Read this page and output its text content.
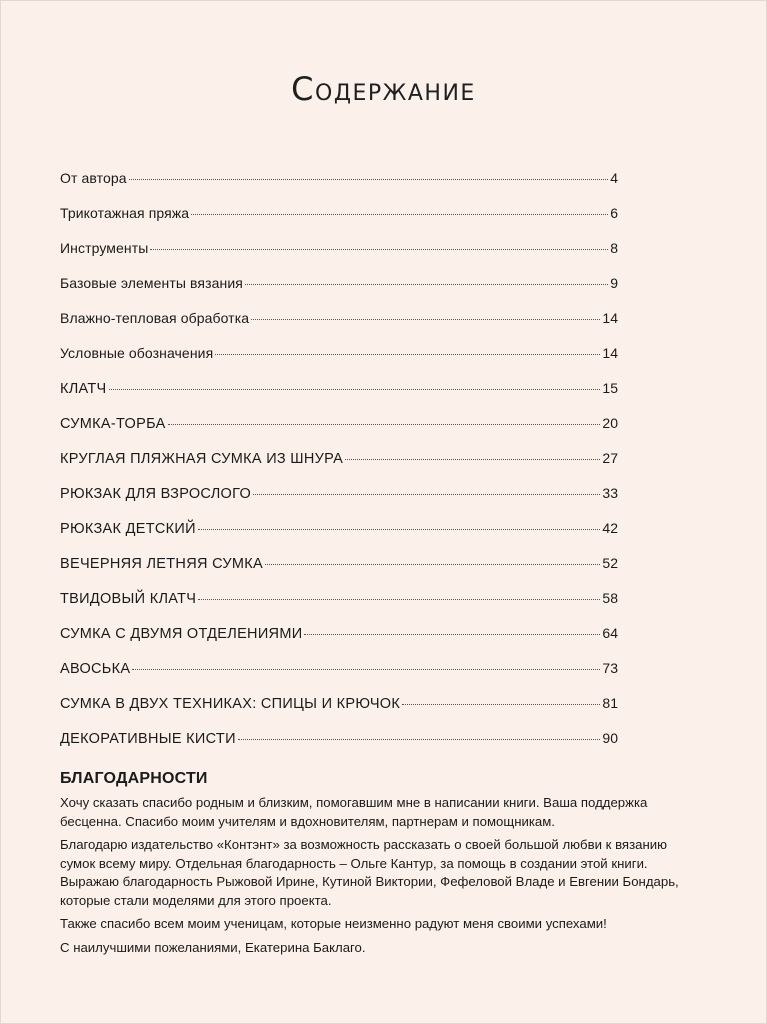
Содержание
От автора	4
Трикотажная пряжа	6
Инструменты	8
Базовые элементы вязания	9
Влажно-тепловая обработка	14
Условные обозначения	14
КЛАТЧ	15
СУМКА-ТОРБА	20
КРУГЛАЯ ПЛЯЖНАЯ СУМКА ИЗ ШНУРА	27
РЮКЗАК ДЛЯ ВЗРОСЛОГО	33
РЮКЗАК ДЕТСКИЙ	42
ВЕЧЕРНЯЯ ЛЕТНЯЯ СУМКА	52
ТВИДОВЫЙ КЛАТЧ	58
СУМКА С ДВУМЯ ОТДЕЛЕНИЯМИ	64
АВОСЬКА	73
СУМКА В ДВУХ ТЕХНИКАХ: СПИЦЫ И КРЮЧОК	81
ДЕКОРАТИВНЫЕ КИСТИ	90
БЛАГОДАРНОСТИ

Хочу сказать спасибо родным и близким, помогавшим мне в написании книги. Ваша поддержка бесценна. Спасибо моим учителям и вдохновителям, партнерам и помощникам.

Благодарю издательство «Контэнт» за возможность рассказать о своей большой любви к вязанию сумок всему миру. Отдельная благодарность – Ольге Кантур, за помощь в создании этой книги. Выражаю благодарность Рыжовой Ирине, Кутиной Виктории, Фефеловой Владе и Евгении Бондарь, которые стали моделями для этого проекта.

Также спасибо всем моим ученицам, которые неизменно радуют меня своими успехами!

С наилучшими пожеланиями, Екатерина Баклаго.
